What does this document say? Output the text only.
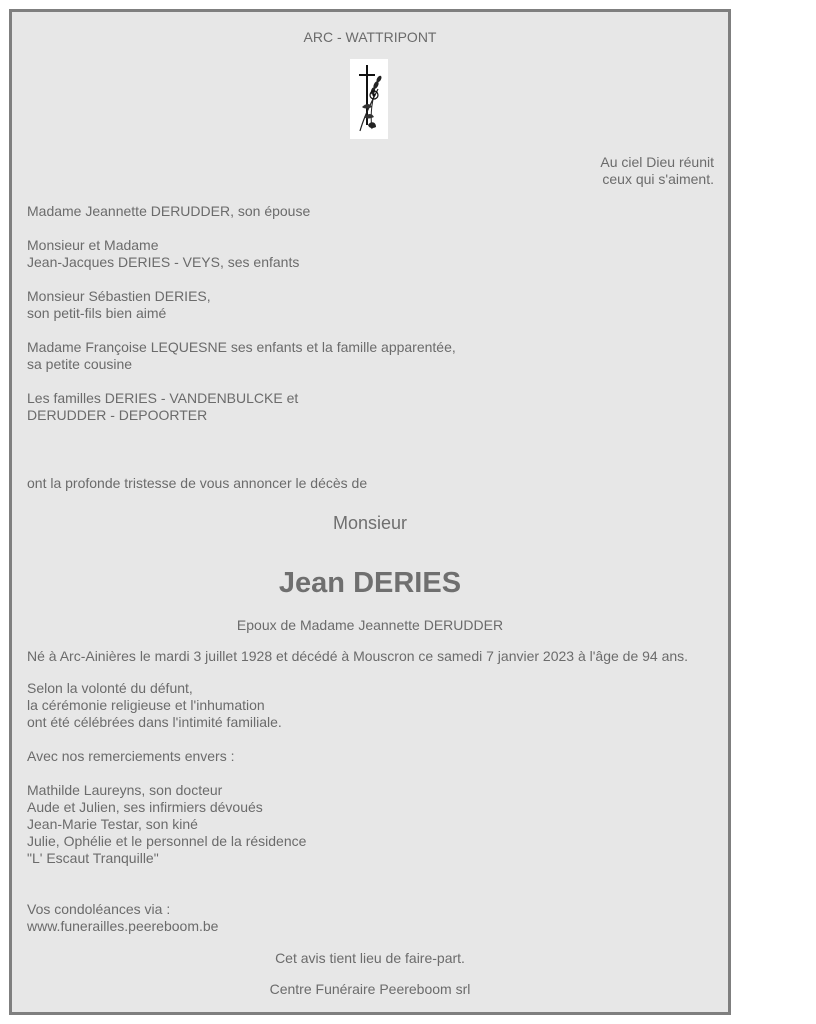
ARC - WATTRIPONT
Au ciel Dieu réunit
ceux qui s'aiment.
Madame Jeannette DERUDDER, son épouse
Monsieur et Madame
Jean-Jacques DERIES - VEYS, ses enfants
Monsieur Sébastien DERIES,
son petit-fils bien aimé
Madame Françoise LEQUESNE ses enfants et la famille apparentée,
sa petite cousine
Les familles DERIES - VANDENBULCKE et
DERUDDER - DEPOORTER
ont la profonde tristesse de vous annoncer le décès de
Monsieur
Jean DERIES
Epoux de Madame Jeannette DERUDDER
Né à Arc-Ainières le mardi 3 juillet 1928 et décédé à Mouscron ce samedi 7 janvier 2023 à l'âge de 94 ans.
Selon la volonté du défunt,
la cérémonie religieuse et l'inhumation
ont été célébrées dans l'intimité familiale.
Avec nos remerciements envers :
Mathilde Laureyns, son docteur
Aude et Julien, ses infirmiers dévoués
Jean-Marie Testar, son kiné
Julie, Ophélie et le personnel de la résidence
"L' Escaut Tranquille"
Vos condoléances via :
www.funerailles.peereboom.be
Cet avis tient lieu de faire-part.
Centre Funéraire Peereboom srl
